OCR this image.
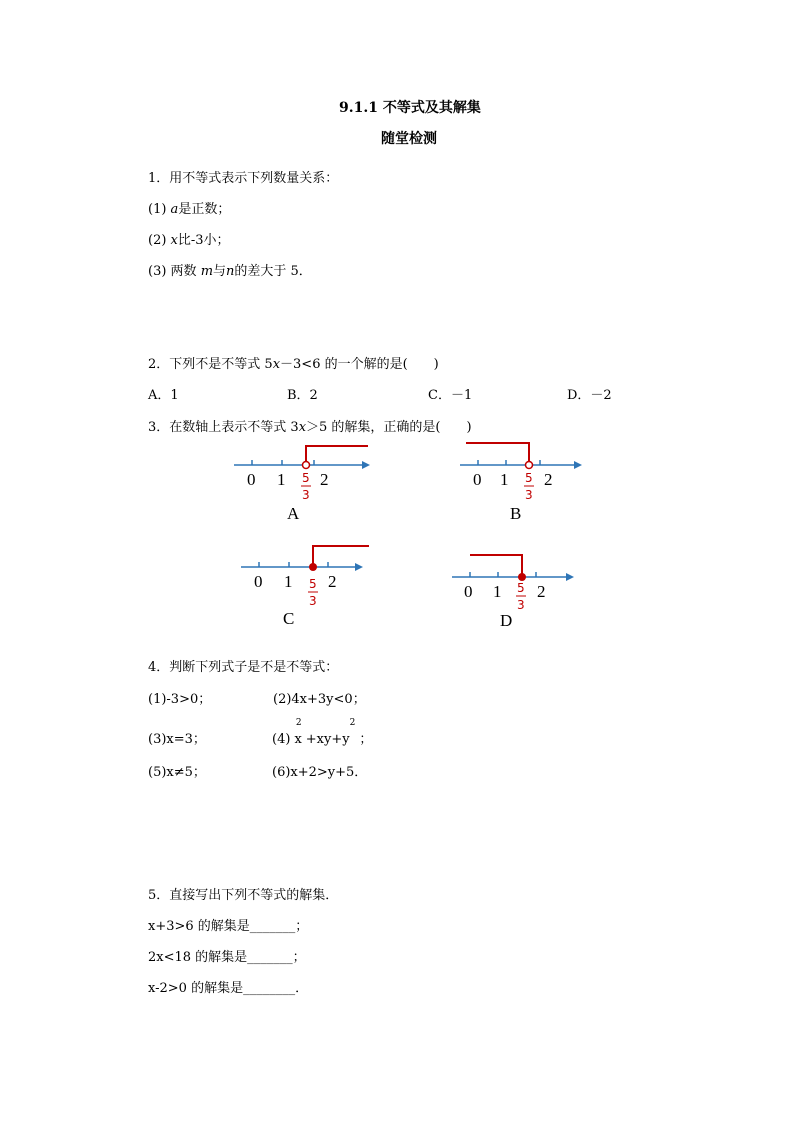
9.1.1 不等式及其解集
随堂检测
1．用不等式表示下列数量关系：
(1) a是正数；
(2) x比-3小；
(3) 两数 m与n的差大于 5．
2．下列不是不等式 5x－3<6 的一个解的是(　　)
A．1	B．2	C．－1	D．－2
3．在数轴上表示不等式 3x＞5 的解集，正确的是(　　)
0 1 2
5
3
A
0 1 2
5
3
B
0 1 2
5
3
C
0 1 2
5
3
D
4．判断下列式子是不是不等式：
(1)-3>0；	(2)4x+3y<0；
(3)x=3；	(4) $x^2 +xy+y^2$ ；
(5)x≠5；	(6)x+2>y+5．
5．直接写出下列不等式的解集．
x+3>6 的解集是_______；
2x<18 的解集是_______；
x-2>0 的解集是________．
